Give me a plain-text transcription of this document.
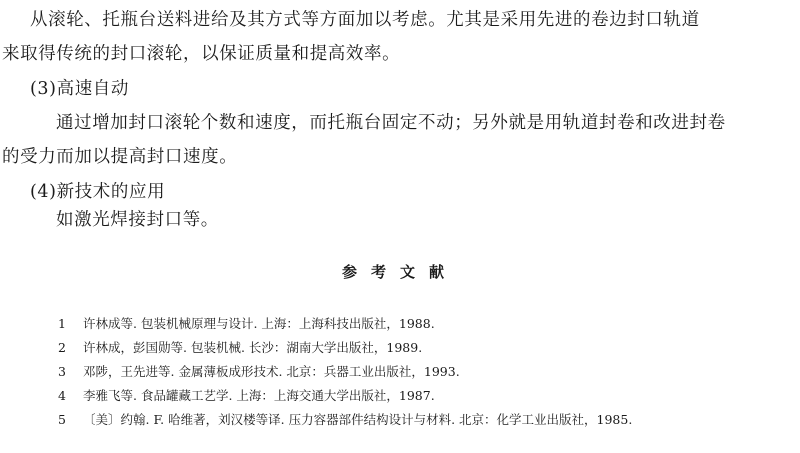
从滚轮、托瓶台送料进给及其方式等方面加以考虑。尤其是采用先进的卷边封口轨道
来取得传统的封口滚轮，以保证质量和提高效率。
(3)高速自动
通过增加封口滚轮个数和速度，而托瓶台固定不动；另外就是用轨道封卷和改进封卷
的受力而加以提高封口速度。
(4)新技术的应用
如激光焊接封口等。
参考文献
1	许林成等. 包装机械原理与设计. 上海：上海科技出版社，1988.
2	许林成，彭国勋等. 包装机械. 长沙：湖南大学出版社，1989.
3	邓陟，王先进等. 金属薄板成形技术. 北京：兵器工业出版社，1993.
4	李雅飞等. 食品罐藏工艺学. 上海：上海交通大学出版社，1987.
5	〔美〕约翰. F. 哈维著，刘汉楼等译. 压力容器部件结构设计与材料. 北京：化学工业出版社，1985.
